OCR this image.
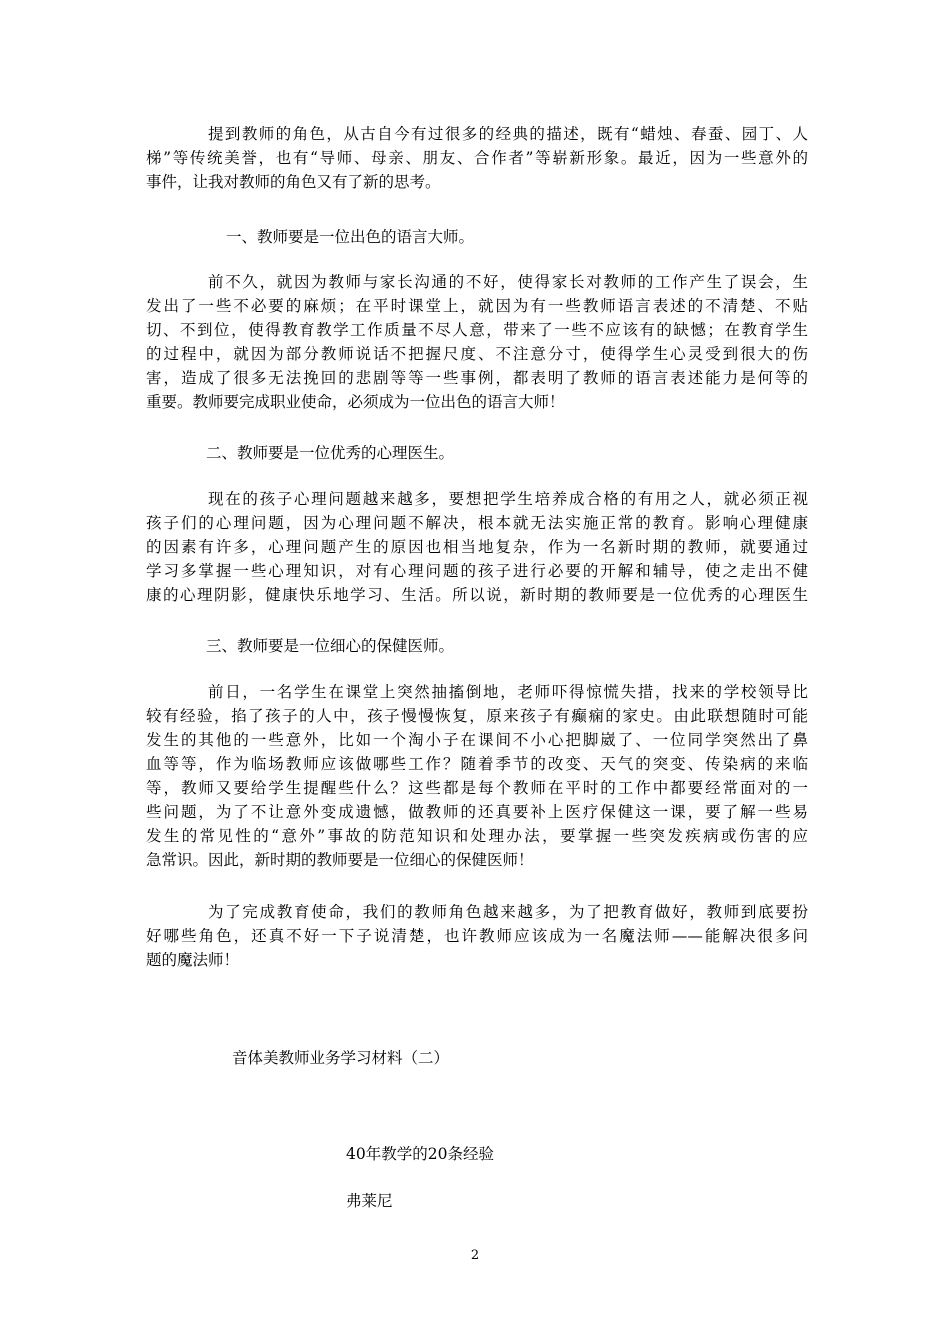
提到教师的角色，从古自今有过很多的经典的描述，既有“蜡烛、春蚕、园丁、人
梯”等传统美誉，也有“导师、母亲、朋友、合作者”等崭新形象。最近，因为一些意外的
事件，让我对教师的角色又有了新的思考。
一、教师要是一位出色的语言大师。
前不久，就因为教师与家长沟通的不好，使得家长对教师的工作产生了误会，生
发出了一些不必要的麻烦；在平时课堂上，就因为有一些教师语言表述的不清楚、不贴
切、不到位，使得教育教学工作质量不尽人意，带来了一些不应该有的缺憾；在教育学生
的过程中，就因为部分教师说话不把握尺度、不注意分寸，使得学生心灵受到很大的伤
害，造成了很多无法挽回的悲剧等等一些事例，都表明了教师的语言表述能力是何等的
重要。教师要完成职业使命，必须成为一位出色的语言大师！
二、教师要是一位优秀的心理医生。
现在的孩子心理问题越来越多，要想把学生培养成合格的有用之人，就必须正视
孩子们的心理问题，因为心理问题不解决，根本就无法实施正常的教育。影响心理健康
的因素有许多，心理问题产生的原因也相当地复杂，作为一名新时期的教师，就要通过
学习多掌握一些心理知识，对有心理问题的孩子进行必要的开解和辅导，使之走出不健
康的心理阴影，健康快乐地学习、生活。所以说，新时期的教师要是一位优秀的心理医生
三、教师要是一位细心的保健医师。
前日，一名学生在课堂上突然抽搐倒地，老师吓得惊慌失措，找来的学校领导比
较有经验，掐了孩子的人中，孩子慢慢恢复，原来孩子有癫痫的家史。由此联想随时可能
发生的其他的一些意外，比如一个淘小子在课间不小心把脚崴了、一位同学突然出了鼻
血等等，作为临场教师应该做哪些工作？随着季节的改变、天气的突变、传染病的来临
等，教师又要给学生提醒些什么？这些都是每个教师在平时的工作中都要经常面对的一
些问题，为了不让意外变成遗憾，做教师的还真要补上医疗保健这一课，要了解一些易
发生的常见性的“意外”事故的防范知识和处理办法，要掌握一些突发疾病或伤害的应
急常识。因此，新时期的教师要是一位细心的保健医师！
为了完成教育使命，我们的教师角色越来越多，为了把教育做好，教师到底要扮
好哪些角色，还真不好一下子说清楚，也许教师应该成为一名魔法师——能解决很多问
题的魔法师！
音体美教师业务学习材料（二）
40年教学的20条经验
弗莱尼
2
